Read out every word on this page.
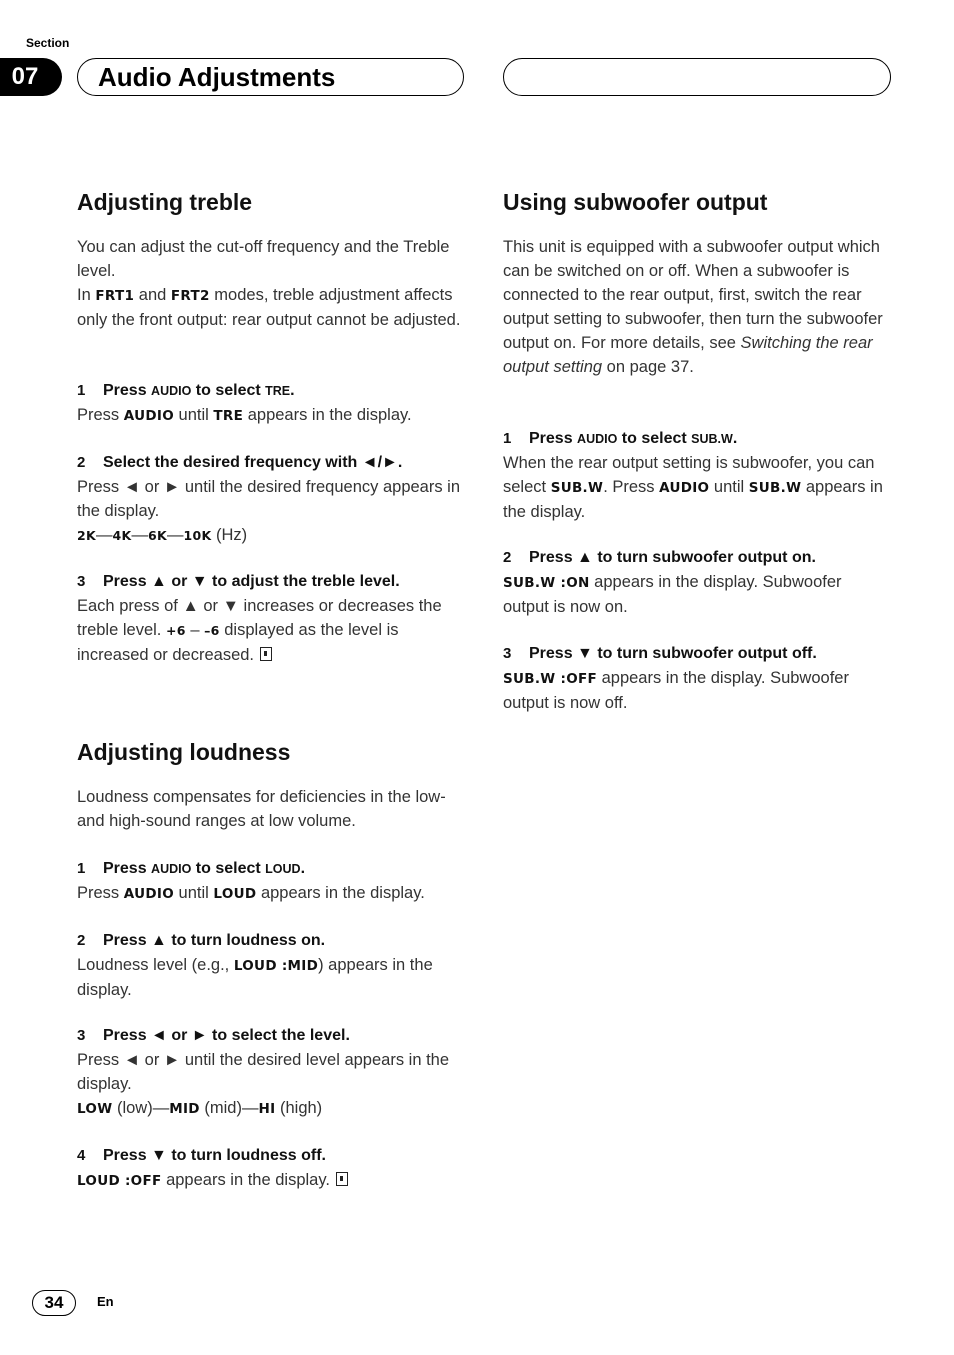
Section
07 Audio Adjustments
Adjusting treble

You can adjust the cut-off frequency and the Treble level.
In FRT1 and FRT2 modes, treble adjustment affects only the front output: rear output cannot be adjusted.

1 Press AUDIO to select TRE.

Press AUDIO until TRE appears in the display.

2 Select the desired frequency with ◄/►.

Press ◄ or ► until the desired frequency appears in the display.
2K—4K—6K—10K (Hz)

3 Press ▲ or ▼ to adjust the treble level.

Each press of ▲ or ▼ increases or decreases the treble level. +6 – –6 displayed as the level is increased or decreased.

Adjusting loudness

Loudness compensates for deficiencies in the low- and high-sound ranges at low volume.

1 Press AUDIO to select LOUD.

Press AUDIO until LOUD appears in the display.

2 Press ▲ to turn loudness on.

Loudness level (e.g., LOUD :MID) appears in the display.

3 Press ◄ or ► to select the level.

Press ◄ or ► until the desired level appears in the display.
LOW (low)—MID (mid)—HI (high)

4 Press ▼ to turn loudness off.

LOUD :OFF appears in the display.

Using subwoofer output

This unit is equipped with a subwoofer output which can be switched on or off. When a subwoofer is connected to the rear output, first, switch the rear output setting to subwoofer, then turn the subwoofer output on. For more details, see Switching the rear output setting on page 37.

1 Press AUDIO to select SUB.W.

When the rear output setting is subwoofer, you can select SUB.W. Press AUDIO until SUB.W appears in the display.

2 Press ▲ to turn subwoofer output on.

SUB.W :ON appears in the display. Subwoofer output is now on.

3 Press ▼ to turn subwoofer output off.

SUB.W :OFF appears in the display. Subwoofer output is now off.

34	En
